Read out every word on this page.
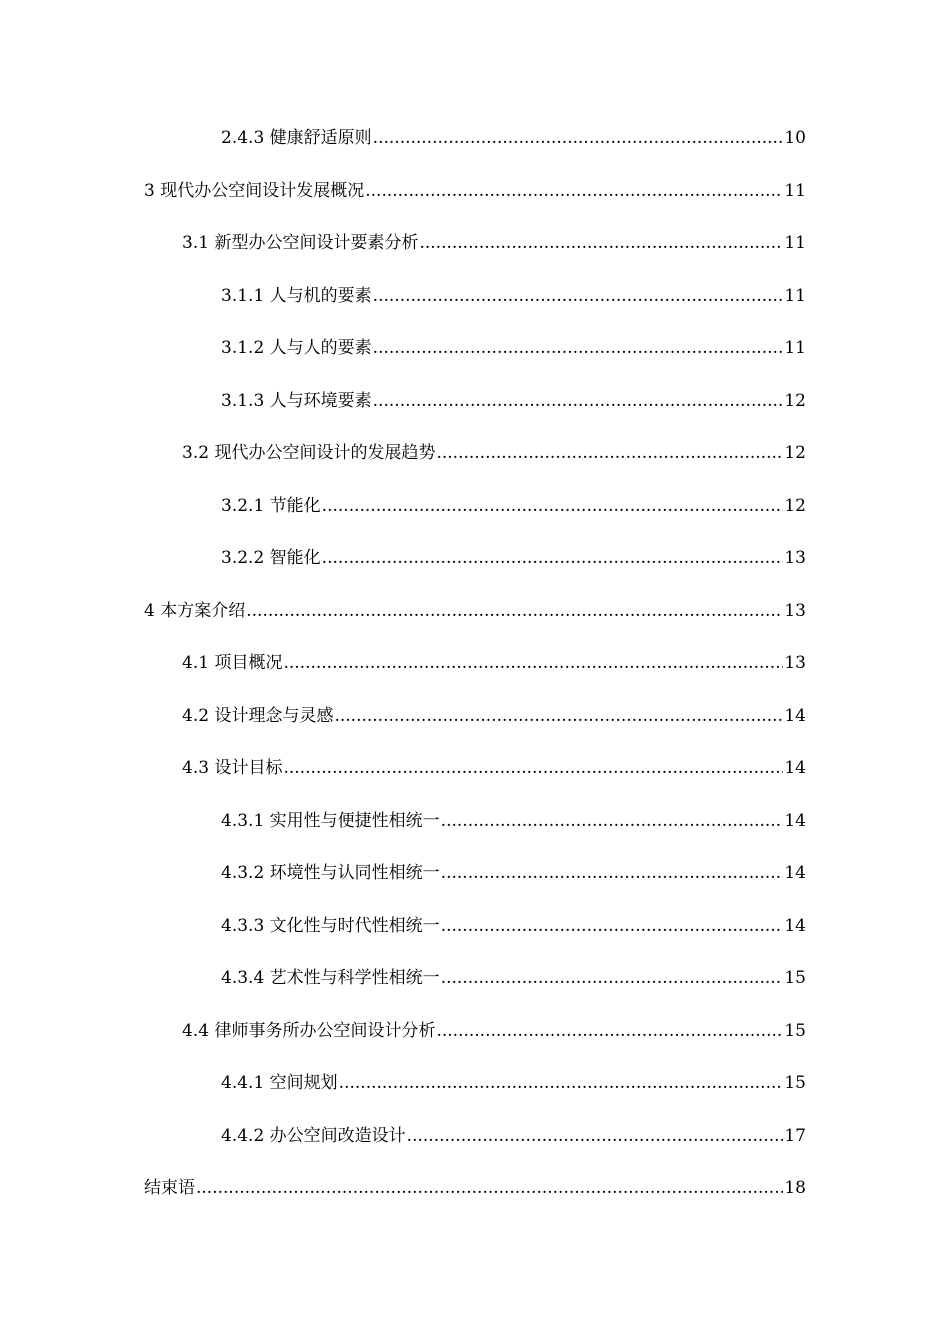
2.4.3 健康舒适原则 .....	10
3 现代办公空间设计发展概况 .....	11
3.1 新型办公空间设计要素分析 .....	11
3.1.1 人与机的要素 .....	11
3.1.2 人与人的要素 .....	11
3.1.3 人与环境要素 .....	12
3.2 现代办公空间设计的发展趋势 .....	12
3.2.1 节能化 .....	12
3.2.2 智能化 .....	13
4 本方案介绍 .....	13
4.1 项目概况 .....	13
4.2 设计理念与灵感 .....	14
4.3 设计目标 .....	14
4.3.1 实用性与便捷性相统一 .....	14
4.3.2 环境性与认同性相统一 .....	14
4.3.3 文化性与时代性相统一 .....	14
4.3.4 艺术性与科学性相统一 .....	15
4.4 律师事务所办公空间设计分析 .....	15
4.4.1 空间规划 .....	15
4.4.2 办公空间改造设计 .....	17
结束语 .....	18
